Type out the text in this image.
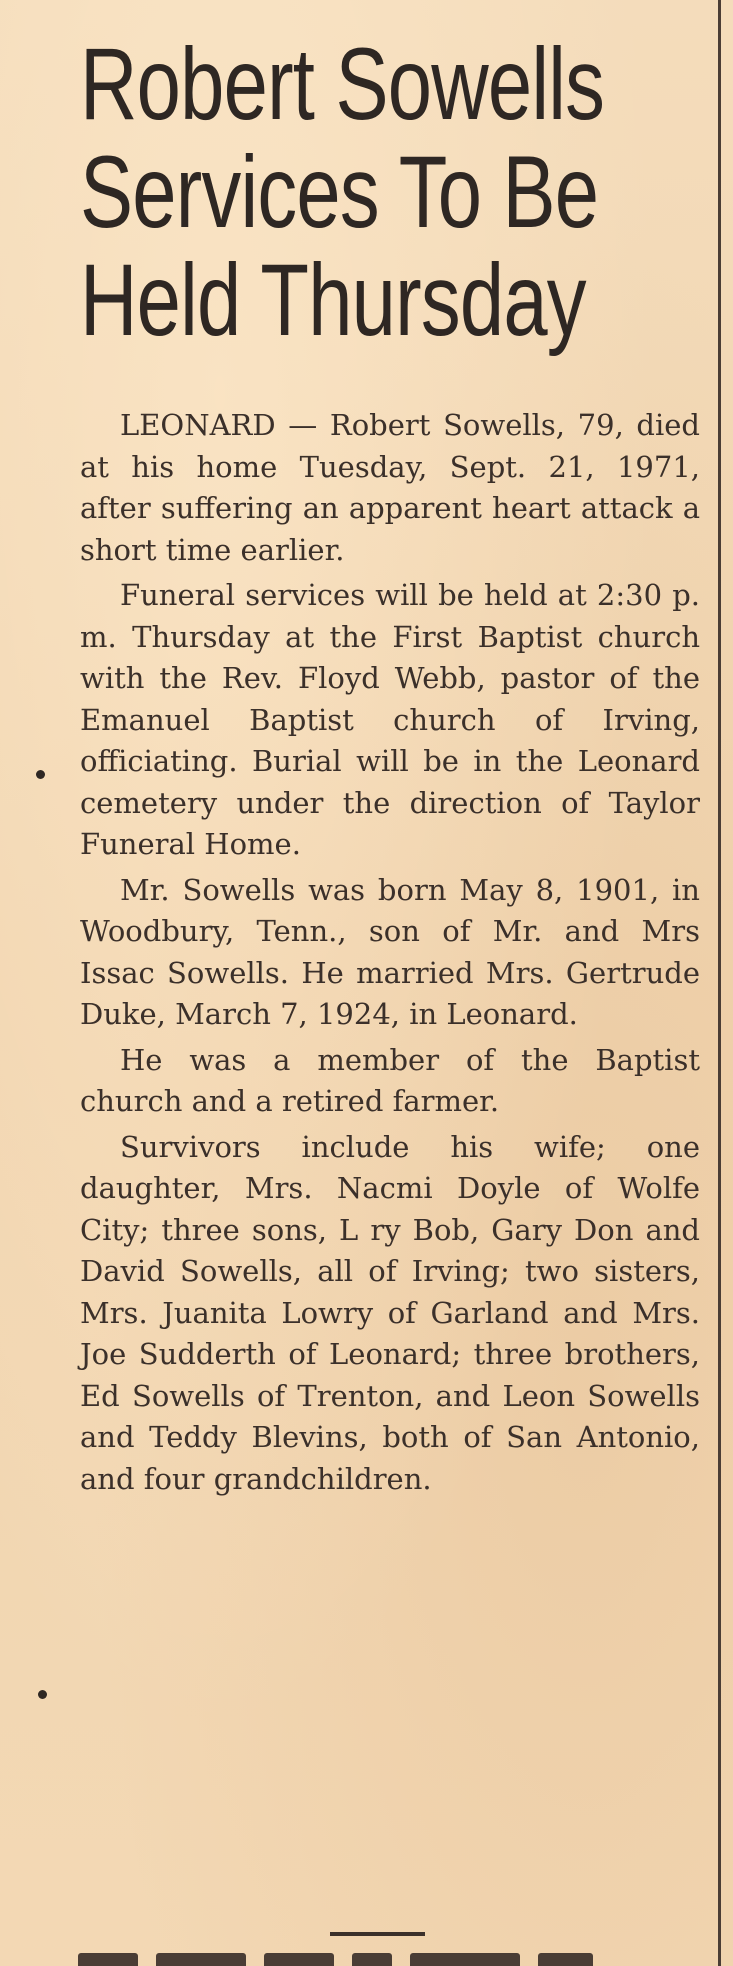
Robert Sowells
Services To Be
Held Thursday

LEONARD — Robert Sowells, 79, died at his home Tuesday, Sept. 21, 1971, after suffering an apparent heart attack a short time earlier.

Funeral services will be held at 2:30 p. m. Thursday at the First Baptist church with the Rev. Floyd Webb, pastor of the Emanuel Baptist church of Irving, officiating. Burial will be in the Leonard cemetery under the direction of Taylor Funeral Home.

Mr. Sowells was born May 8, 1901, in Woodbury, Tenn., son of Mr. and Mrs Issac Sowells. He married Mrs. Gertrude Duke, March 7, 1924, in Leonard.

He was a member of the Baptist church and a retired farmer.

Survivors include his wife; one daughter, Mrs. Nacmi Doyle of Wolfe City; three sons, L ry Bob, Gary Don and David Sowells, all of Irving; two sisters, Mrs. Juanita Lowry of Garland and Mrs. Joe Sudderth of Leonard; three brothers, Ed Sowells of Trenton, and Leon Sowells and Teddy Blevins, both of San Antonio, and four grandchildren.
